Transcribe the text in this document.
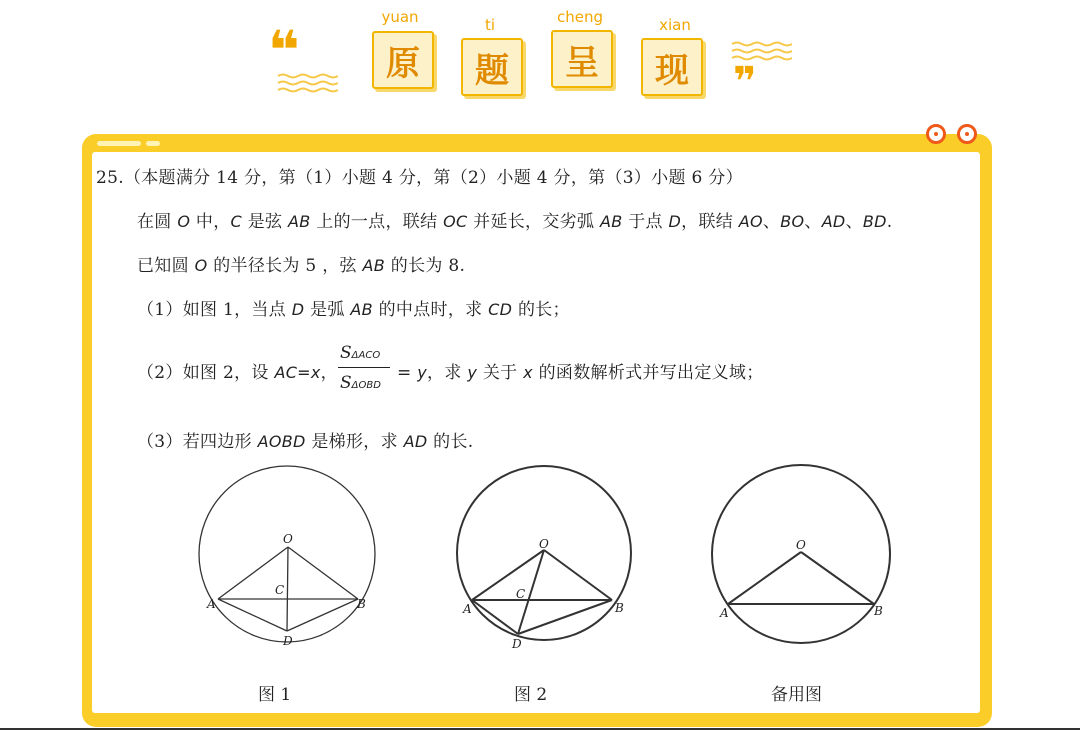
❝
yuan
原
ti
题
cheng
呈
xian
现	❞
25.（本题满分 14 分，第（1）小题 4 分，第（2）小题 4 分，第（3）小题 6 分）
在圆 O 中，C 是弦 AB 上的一点，联结 OC 并延长，交劣弧 AB 于点 D，联结 AO、BO、AD、BD.
已知圆 O 的半径长为 5 ，弦 AB 的长为 8.
（1）如图 1，当点 D 是弧 AB 的中点时，求 CD 的长；
（2）如图 2，设 AC=x，
SΔACO
SΔOBD
= y，求 y 关于 x 的函数解析式并写出定义域；
（3）若四边形 AOBD 是梯形，求 AD 的长.
O
C
A	B
D
O
C
A	B
D
O
A	B
图 1	图 2	备用图
